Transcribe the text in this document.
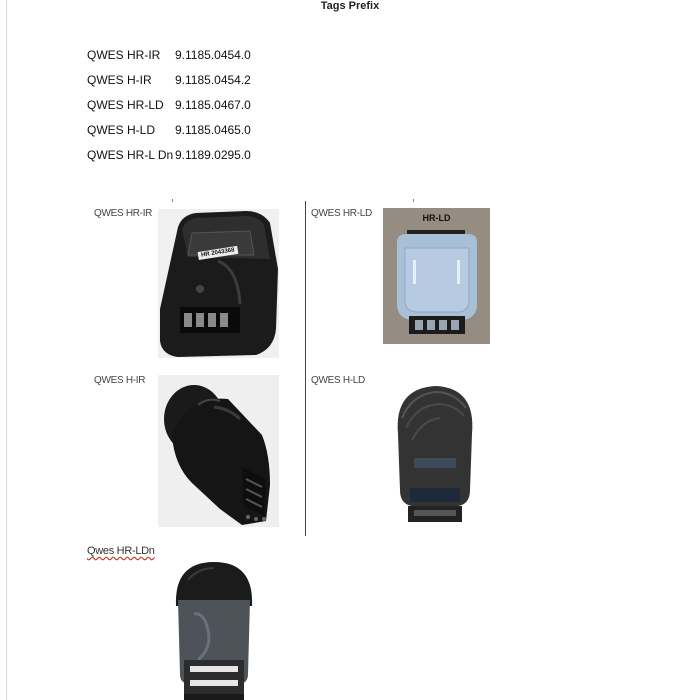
Tags Prefix
QWES HR-IR	9.1185.0454.0
QWES H-IR	9.1185.0454.2
QWES HR-LD 9.1185.0467.0
QWES H-LD	9.1185.0465.0
QWES HR-L Dn 9.1189.0295.0
QWES HR-IR	QWES HR-LD
QWES H-IR	QWES H-LD
Qwes HR-LDn
HR 2043368
HR-LD
